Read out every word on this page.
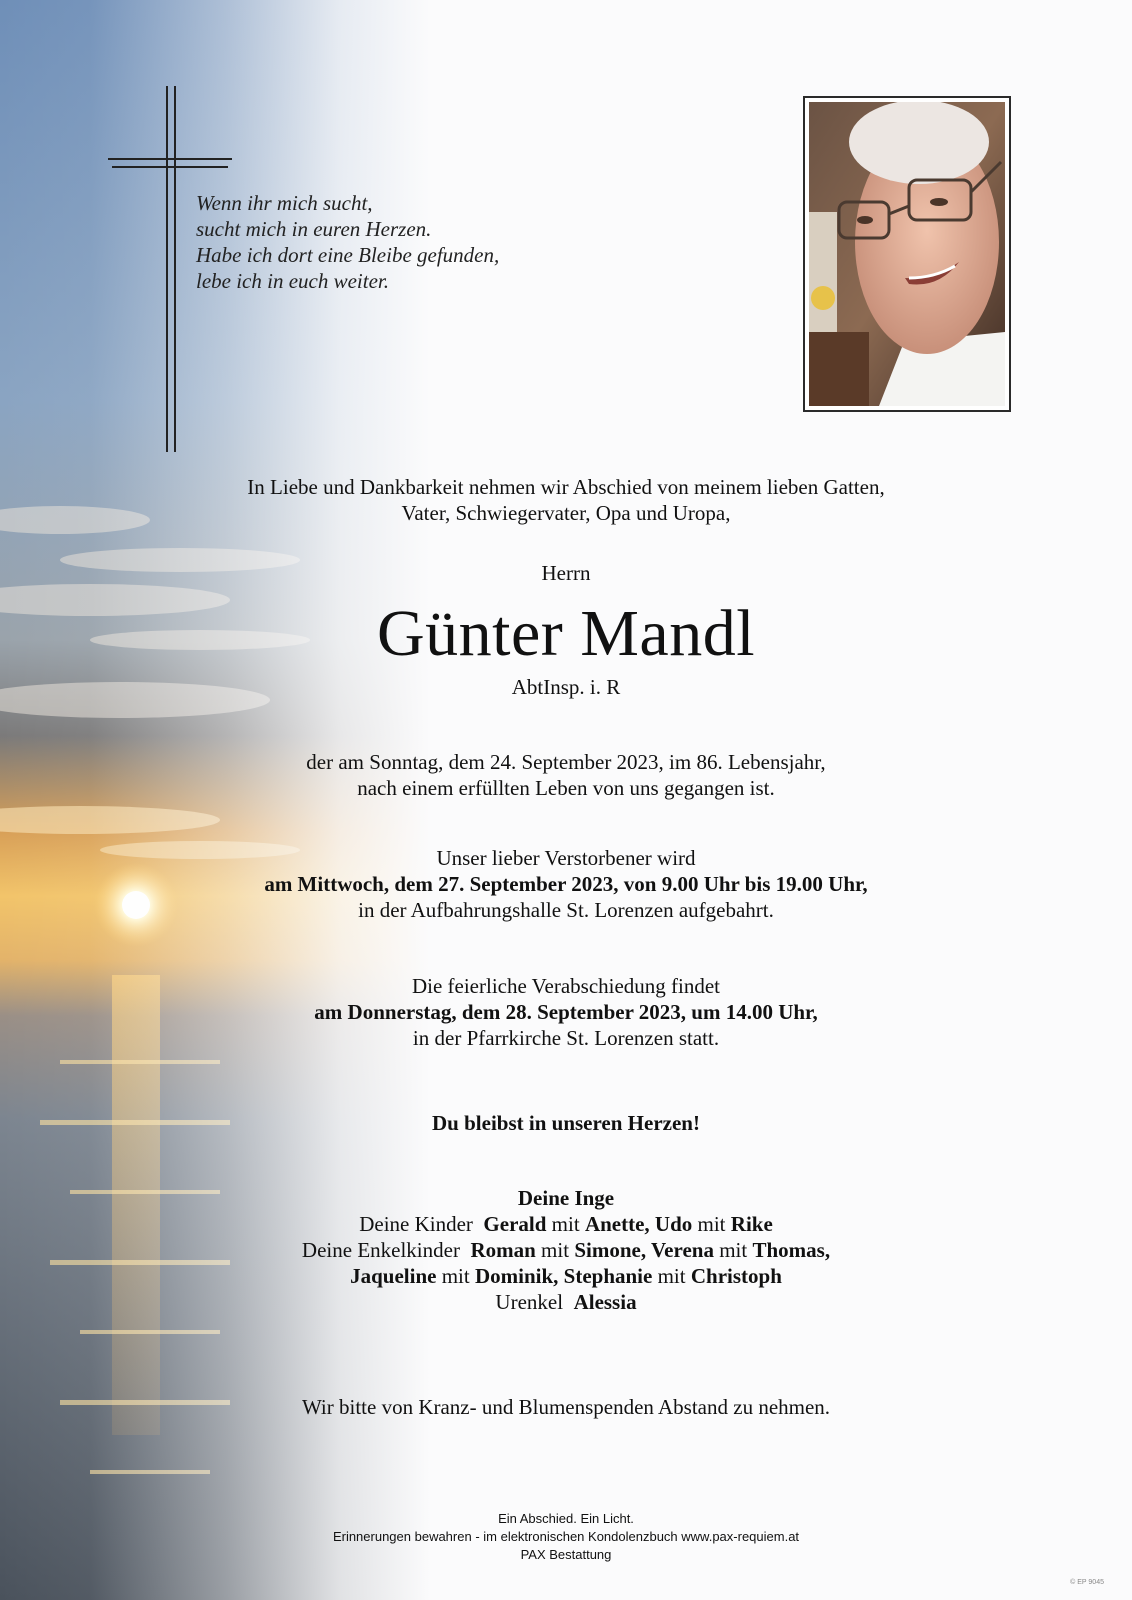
Wenn ihr mich sucht,
sucht mich in euren Herzen.
Habe ich dort eine Bleibe gefunden,
lebe ich in euch weiter.
In Liebe und Dankbarkeit nehmen wir Abschied von meinem lieben Gatten,
Vater, Schwiegervater, Opa und Uropa,
Herrn
Günter Mandl
AbtInsp. i. R
der am Sonntag, dem 24. September 2023, im 86. Lebensjahr,
nach einem erfüllten Leben von uns gegangen ist.
Unser lieber Verstorbener wird
am Mittwoch, dem 27. September 2023, von 9.00 Uhr bis 19.00 Uhr,
in der Aufbahrungshalle St. Lorenzen aufgebahrt.
Die feierliche Verabschiedung findet
am Donnerstag, dem 28. September 2023, um 14.00 Uhr,
in der Pfarrkirche St. Lorenzen statt.
Du bleibst in unseren Herzen!
Deine Inge
Deine Kinder Gerald mit Anette, Udo mit Rike
Deine Enkelkinder Roman mit Simone, Verena mit Thomas,
Jaqueline mit Dominik, Stephanie mit Christoph
Urenkel Alessia
Wir bitte von Kranz- und Blumenspenden Abstand zu nehmen.
Ein Abschied. Ein Licht.
Erinnerungen bewahren - im elektronischen Kondolenzbuch www.pax-requiem.at
PAX Bestattung
© EP 9045
